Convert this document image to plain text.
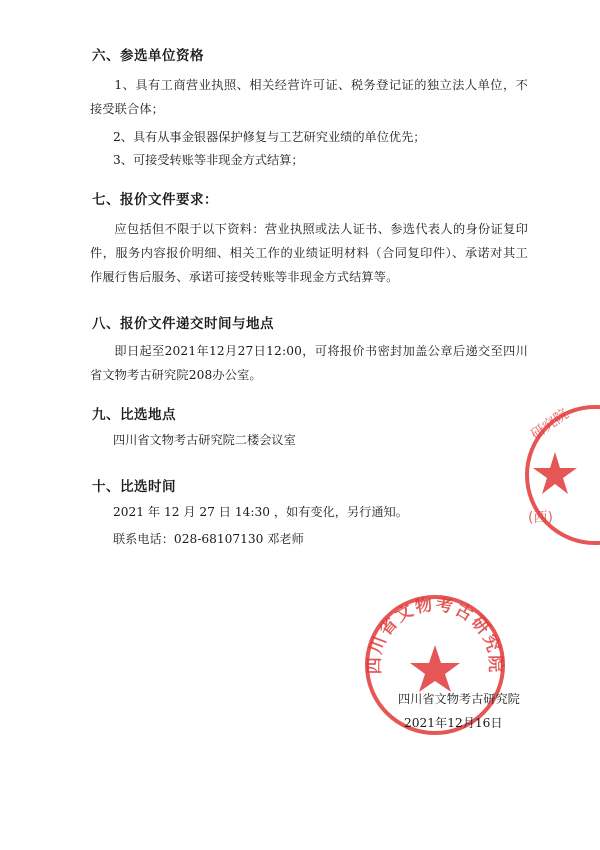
六、参选单位资格

1、具有工商营业执照、相关经营许可证、税务登记证的独立法人单位，不接受联合体；

2、具有从事金银器保护修复与工艺研究业绩的单位优先；

3、可接受转账等非现金方式结算；

七、报价文件要求：

应包括但不限于以下资料：营业执照或法人证书、参选代表人的身份证复印件，服务内容报价明细、相关工作的业绩证明材料（合同复印件）、承诺对其工作履行售后服务、承诺可接受转账等非现金方式结算等。

八、报价文件递交时间与地点

即日起至2021年12月27日12:00，可将报价书密封加盖公章后递交至四川省文物考古研究院208办公室。

九、比选地点

四川省文物考古研究院二楼会议室

十、比选时间

2021 年 12 月 27 日 14:30 ，如有变化，另行通知。

联系电话：028-68107130 邓老师

研究院
(西)
四川省文物考古研究院
四川省文物考古研究院
2021年12月16日
